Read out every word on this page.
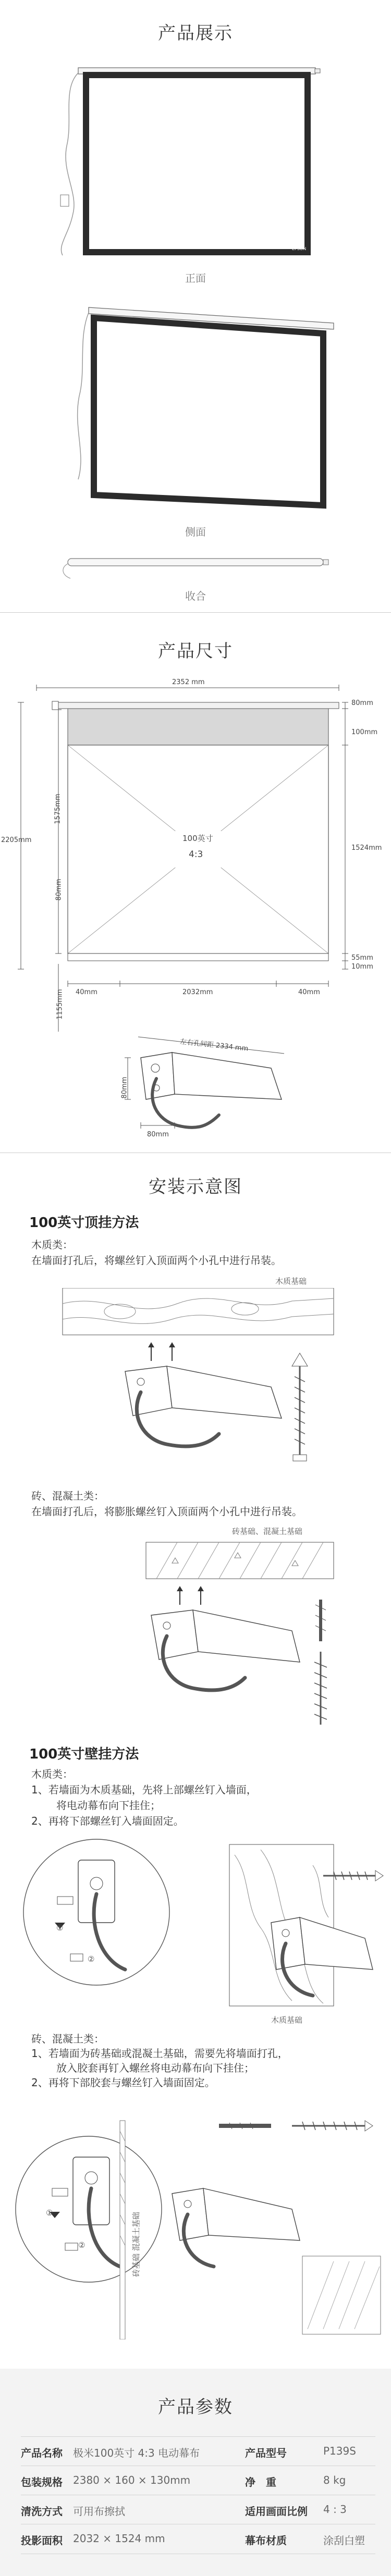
产品展示
EPSON
正面
侧面
收合
产品尺寸
2352 mm
80mm
100mm
1524mm
55mm
10mm
2205mm
1575mm
80mm
100英寸
4:3
40mm	2032mm	40mm
1155mm
左右孔间距 2334 mm
80mm
80mm
安装示意图
100英寸顶挂方法
木质类：
在墙面打孔后，将螺丝钉入顶面两个小孔中进行吊装。
木质基础
砖、混凝土类：
在墙面打孔后，将膨胀螺丝钉入顶面两个小孔中进行吊装。
砖基础、混凝土基础
100英寸壁挂方法
木质类：
1、若墙面为木质基础，先将上部螺丝钉入墙面，
将电动幕布向下挂住；
2、再将下部螺丝钉入墙面固定。
①
②
木质基础
砖、混凝土类：
1、若墙面为砖基础或混凝土基础，需要先将墙面打孔，
放入胶套再钉入螺丝将电动幕布向下挂住；
2、再将下部胶套与螺丝钉入墙面固定。
①
②	砖基础 混凝土基础
产品参数
产品名称 极米100英寸 4:3 电动幕布	产品型号	P139S
包装规格 2380 × 160 × 130mm	净　重	8 kg
清洗方式 可用布擦拭	适用画面比例 4 : 3
投影面积 2032 × 1524 mm	幕布材质	涂刮白塑
